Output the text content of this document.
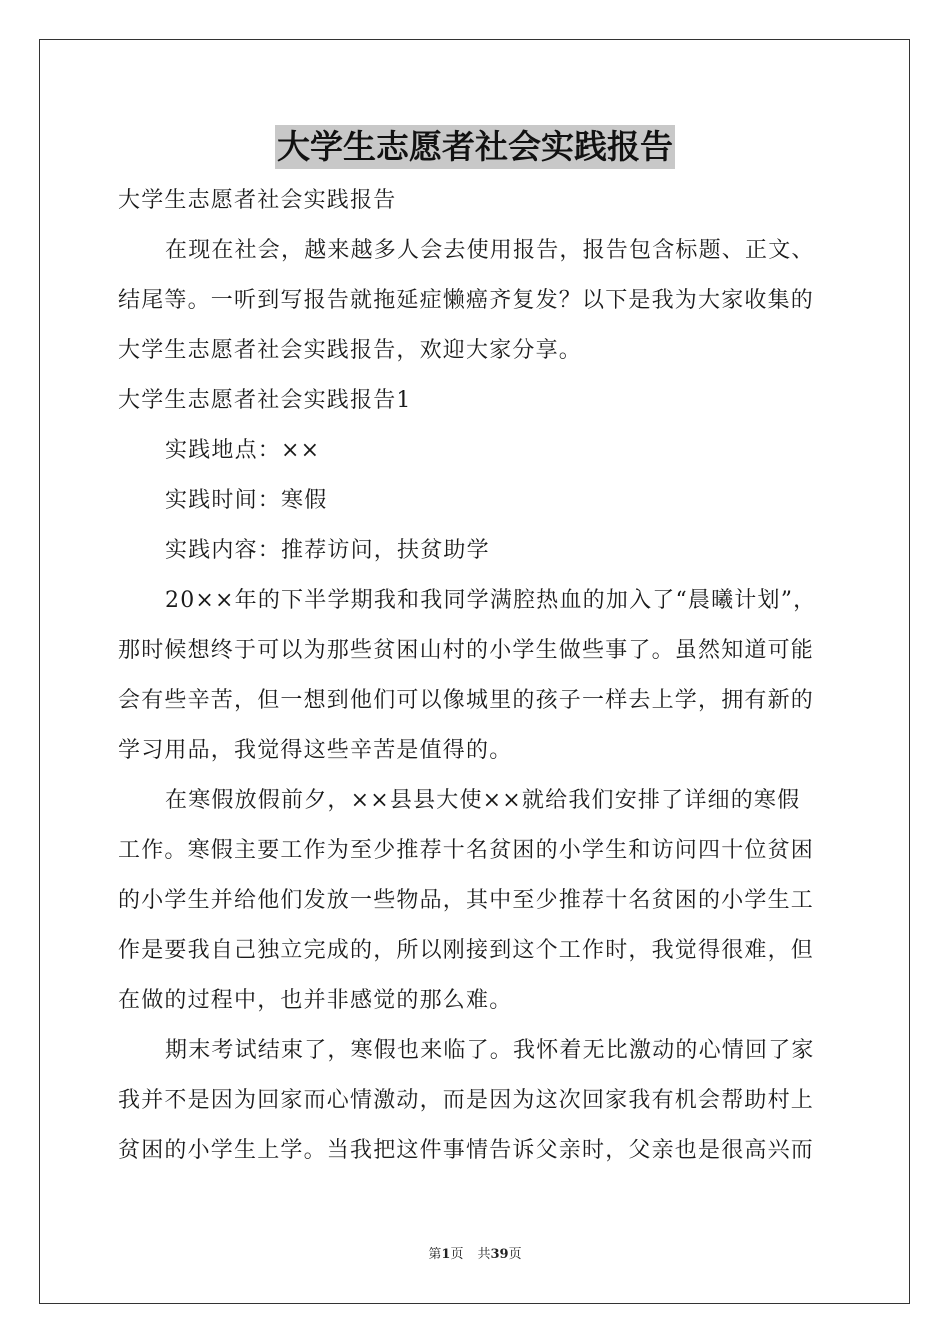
大学生志愿者社会实践报告
大学生志愿者社会实践报告
在现在社会，越来越多人会去使用报告，报告包含标题、正文、
结尾等。一听到写报告就拖延症懒癌齐复发？以下是我为大家收集的
大学生志愿者社会实践报告，欢迎大家分享。
大学生志愿者社会实践报告1
实践地点：××
实践时间：寒假
实践内容：推荐访问，扶贫助学
20××年的下半学期我和我同学满腔热血的加入了“晨曦计划”，
那时候想终于可以为那些贫困山村的小学生做些事了。虽然知道可能
会有些辛苦，但一想到他们可以像城里的孩子一样去上学，拥有新的
学习用品，我觉得这些辛苦是值得的。
在寒假放假前夕，××县县大使××就给我们安排了详细的寒假
工作。寒假主要工作为至少推荐十名贫困的小学生和访问四十位贫困
的小学生并给他们发放一些物品，其中至少推荐十名贫困的小学生工
作是要我自己独立完成的，所以刚接到这个工作时，我觉得很难，但
在做的过程中，也并非感觉的那么难。
期末考试结束了，寒假也来临了。我怀着无比激动的心情回了家
我并不是因为回家而心情激动，而是因为这次回家我有机会帮助村上
贫困的小学生上学。当我把这件事情告诉父亲时，父亲也是很高兴而
第1页 共39页
